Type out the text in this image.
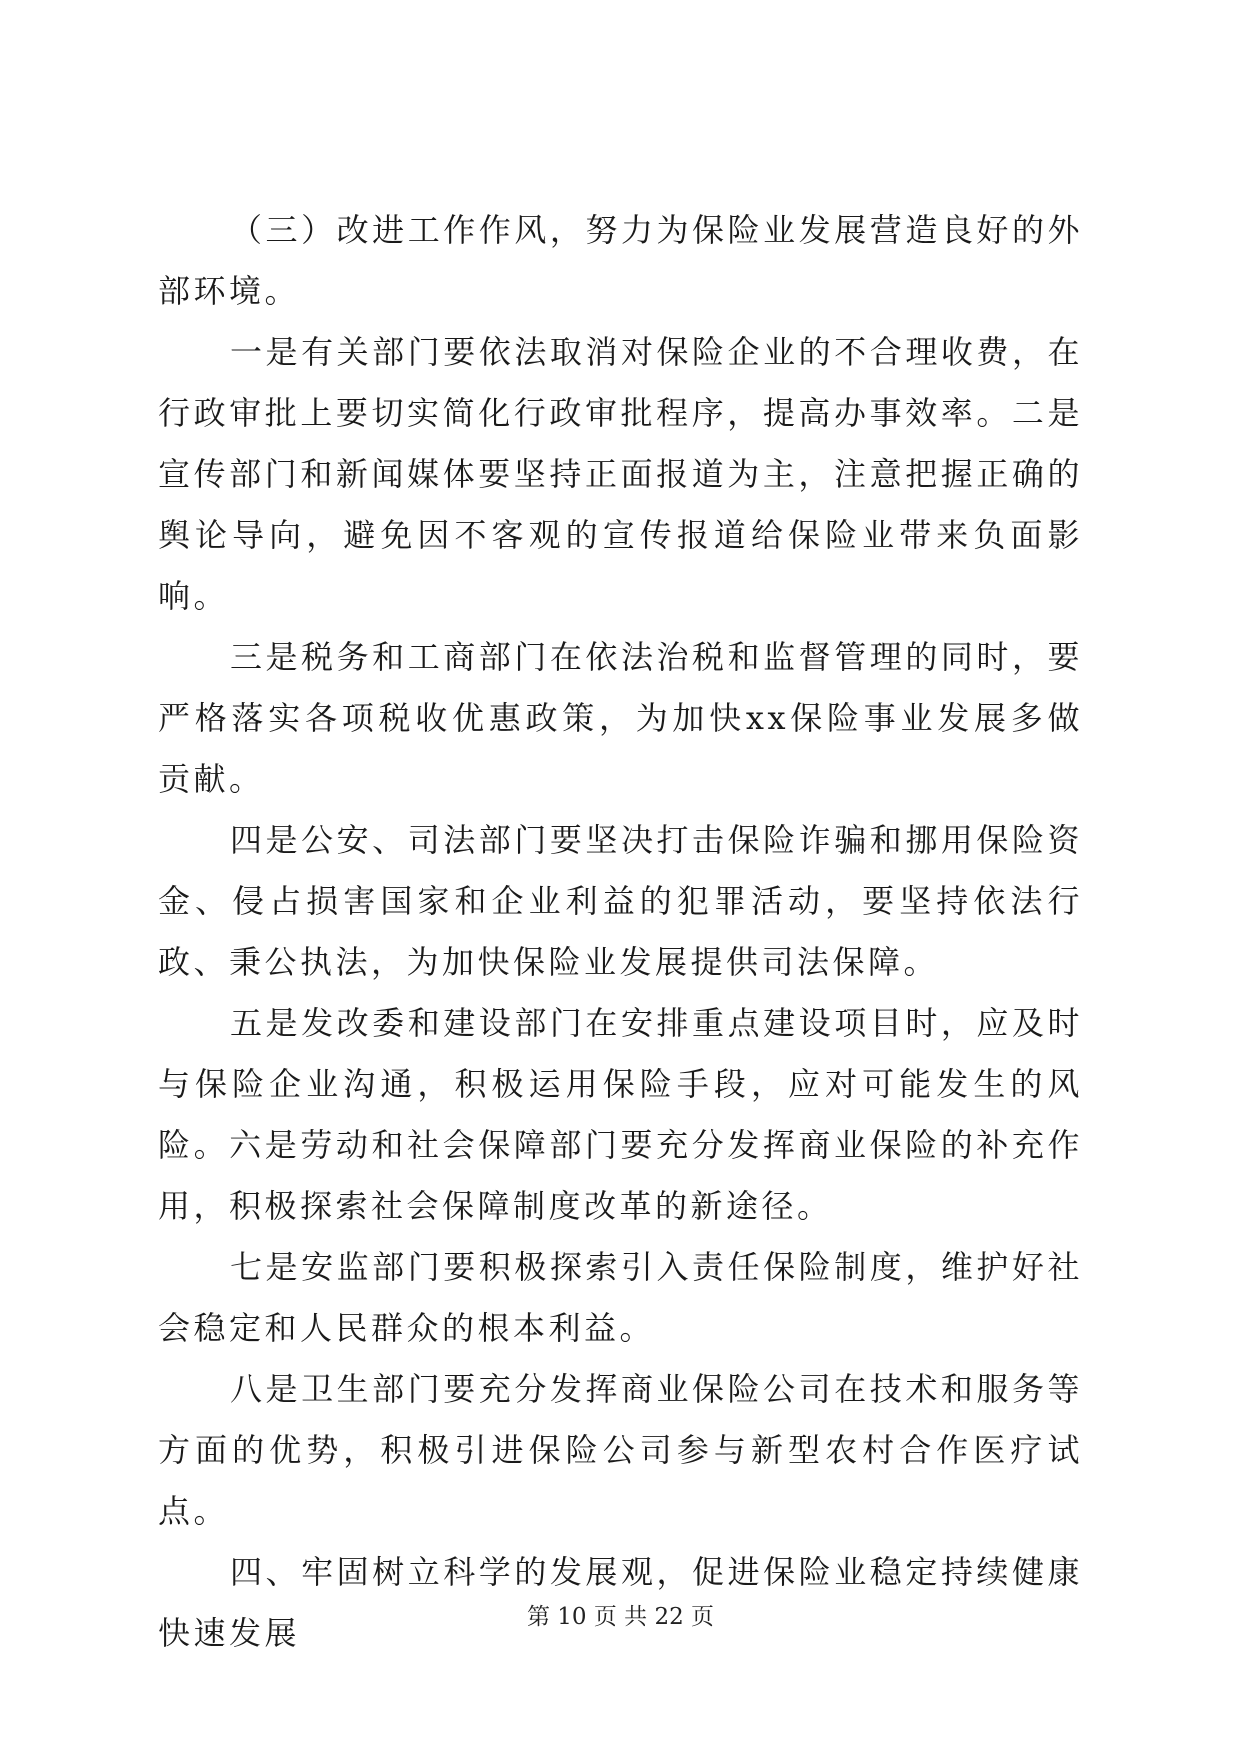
（三）改进工作作风，努力为保险业发展营造良好的外部环境。

一是有关部门要依法取消对保险企业的不合理收费，在行政审批上要切实简化行政审批程序，提高办事效率。二是宣传部门和新闻媒体要坚持正面报道为主，注意把握正确的舆论导向，避免因不客观的宣传报道给保险业带来负面影响。

三是税务和工商部门在依法治税和监督管理的同时，要严格落实各项税收优惠政策，为加快xx保险事业发展多做贡献。

四是公安、司法部门要坚决打击保险诈骗和挪用保险资金、侵占损害国家和企业利益的犯罪活动，要坚持依法行政、秉公执法，为加快保险业发展提供司法保障。

五是发改委和建设部门在安排重点建设项目时，应及时与保险企业沟通，积极运用保险手段，应对可能发生的风险。六是劳动和社会保障部门要充分发挥商业保险的补充作用，积极探索社会保障制度改革的新途径。

七是安监部门要积极探索引入责任保险制度，维护好社会稳定和人民群众的根本利益。

八是卫生部门要充分发挥商业保险公司在技术和服务等方面的优势，积极引进保险公司参与新型农村合作医疗试点。

四、牢固树立科学的发展观，促进保险业稳定持续健康快速发展	第 10 页 共 22 页
